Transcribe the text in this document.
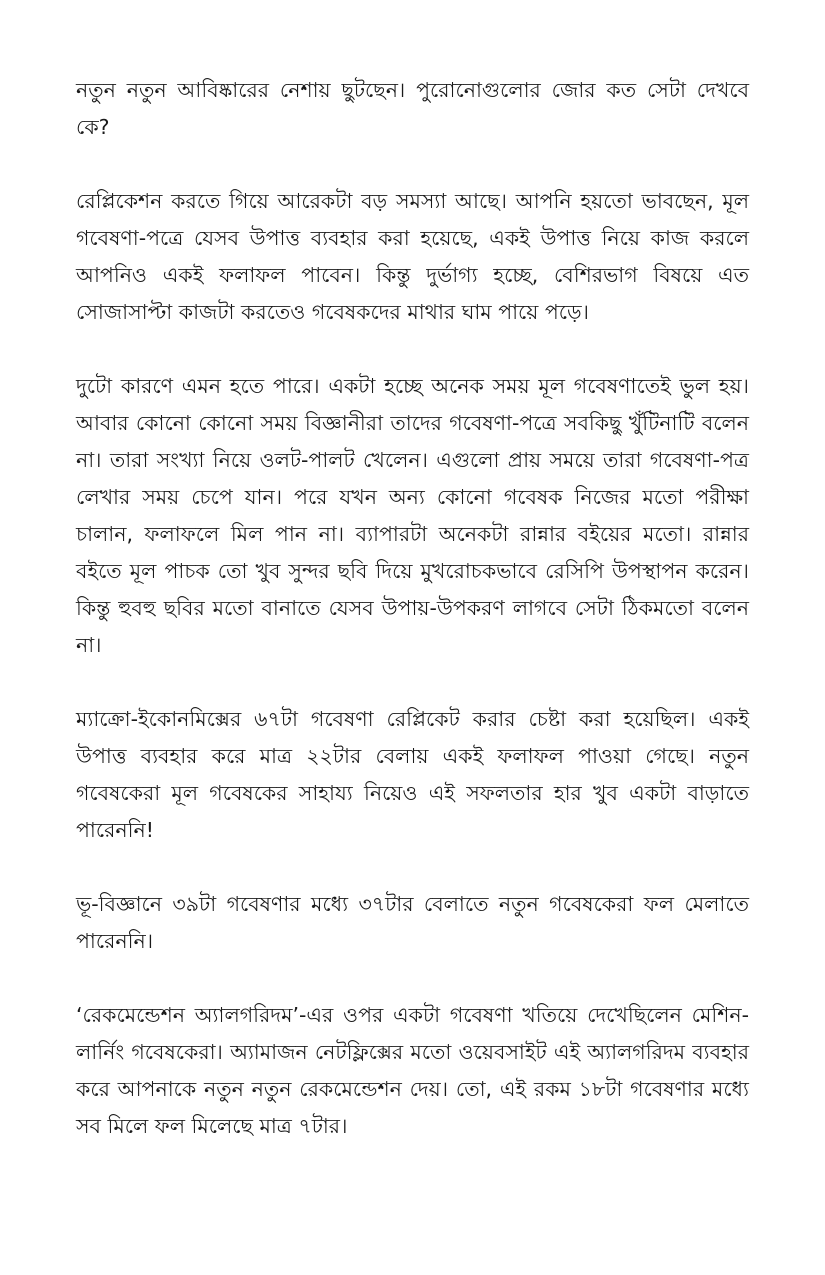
নতুন নতুন আবিষ্কারের নেশায় ছুটছেন। পুরোনোগুলোর জোর কত সেটা দেখবে কে?

রেপ্লিকেশন করতে গিয়ে আরেকটা বড় সমস্যা আছে। আপনি হয়তো ভাবছেন, মূল গবেষণা-পত্রে যেসব উপাত্ত ব্যবহার করা হয়েছে, একই উপাত্ত নিয়ে কাজ করলে আপনিও একই ফলাফল পাবেন। কিন্তু দুর্ভাগ্য হচ্ছে, বেশিরভাগ বিষয়ে এত সোজাসাপ্টা কাজটা করতেও গবেষকদের মাথার ঘাম পায়ে পড়ে।

দুটো কারণে এমন হতে পারে। একটা হচ্ছে অনেক সময় মূল গবেষণাতেই ভুল হয়। আবার কোনো কোনো সময় বিজ্ঞানীরা তাদের গবেষণা-পত্রে সবকিছু খুঁটিনাটি বলেন না। তারা সংখ্যা নিয়ে ওলট-পালট খেলেন। এগুলো প্রায় সময়ে তারা গবেষণা-পত্র লেখার সময় চেপে যান। পরে যখন অন্য কোনো গবেষক নিজের মতো পরীক্ষা চালান, ফলাফলে মিল পান না। ব্যাপারটা অনেকটা রান্নার বইয়ের মতো। রান্নার বইতে মূল পাচক তো খুব সুন্দর ছবি দিয়ে মুখরোচকভাবে রেসিপি উপস্থাপন করেন। কিন্তু হুবহু ছবির মতো বানাতে যেসব উপায়-উপকরণ লাগবে সেটা ঠিকমতো বলেন না।

ম্যাক্রো-ইকোনমিক্সের ৬৭টা গবেষণা রেপ্লিকেট করার চেষ্টা করা হয়েছিল। একই উপাত্ত ব্যবহার করে মাত্র ২২টার বেলায় একই ফলাফল পাওয়া গেছে। নতুন গবেষকেরা মূল গবেষকের সাহায্য নিয়েও এই সফলতার হার খুব একটা বাড়াতে পারেননি!

ভূ-বিজ্ঞানে ৩৯টা গবেষণার মধ্যে ৩৭টার বেলাতে নতুন গবেষকেরা ফল মেলাতে পারেননি।

‘রেকমেন্ডেশন অ্যালগরিদম’-এর ওপর একটা গবেষণা খতিয়ে দেখেছিলেন মেশিন-লার্নিং গবেষকেরা। অ্যামাজন নেটফ্লিক্সের মতো ওয়েবসাইট এই অ্যালগরিদম ব্যবহার করে আপনাকে নতুন নতুন রেকমেন্ডেশন দেয়। তো, এই রকম ১৮টা গবেষণার মধ্যে সব মিলে ফল মিলেছে মাত্র ৭টার।
